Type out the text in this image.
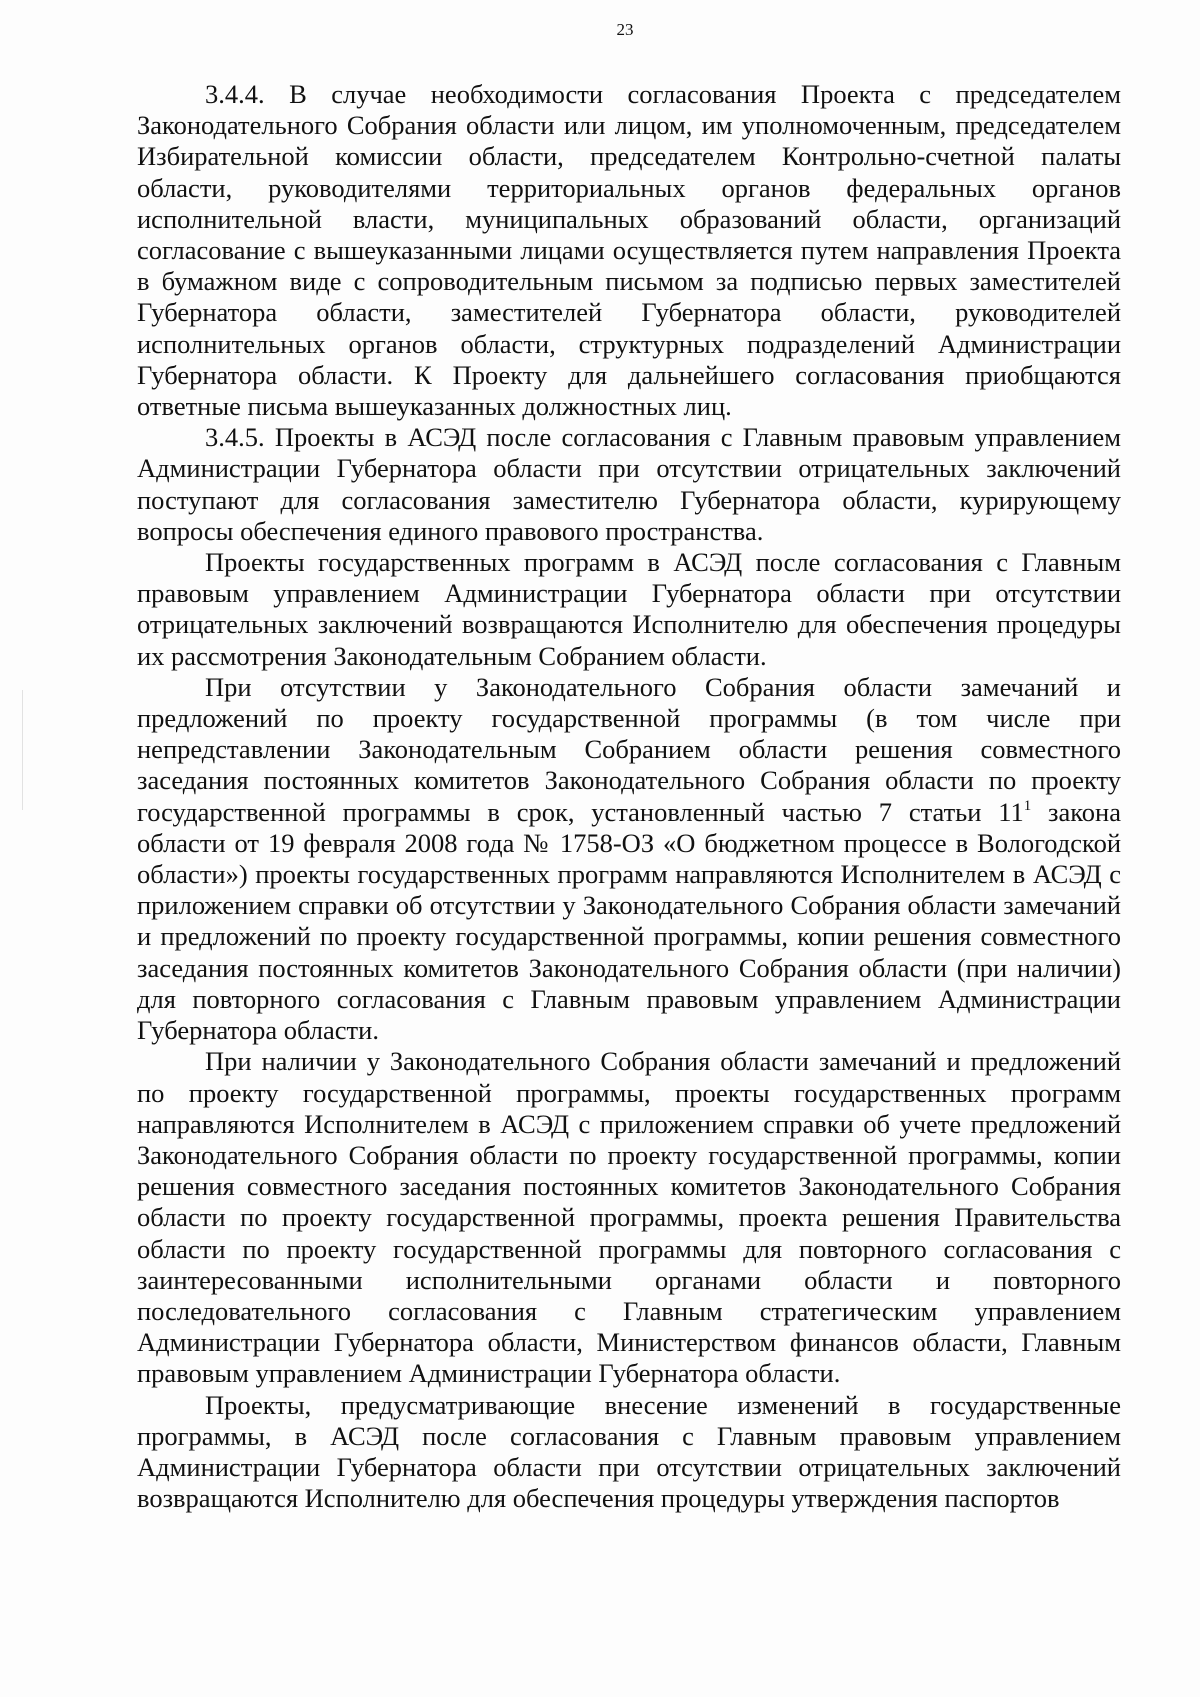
23

3.4.4. В случае необходимости согласования Проекта с председателем Законодательного Собрания области или лицом, им уполномоченным, председателем Избирательной комиссии области, председателем Контрольно-счетной палаты области, руководителями территориальных органов федеральных органов исполнительной власти, муниципальных образований области, организаций согласование с вышеуказанными лицами осуществляется путем направления Проекта в бумажном виде с сопроводительным письмом за подписью первых заместителей Губернатора области, заместителей Губернатора области, руководителей исполнительных органов области, структурных подразделений Администрации Губернатора области. К Проекту для дальнейшего согласования приобщаются ответные письма вышеуказанных должностных лиц.

3.4.5. Проекты в АСЭД после согласования с Главным правовым управлением Администрации Губернатора области при отсутствии отрицательных заключений поступают для согласования заместителю Губернатора области, курирующему вопросы обеспечения единого правового пространства.

Проекты государственных программ в АСЭД после согласования с Главным правовым управлением Администрации Губернатора области при отсутствии отрицательных заключений возвращаются Исполнителю для обеспечения процедуры их рассмотрения Законодательным Собранием области.

При отсутствии у Законодательного Собрания области замечаний и предложений по проекту государственной программы (в том числе при непредставлении Законодательным Собранием области решения совместного заседания постоянных комитетов Законодательного Собрания области по проекту государственной программы в срок, установленный частью 7 статьи $11^1$ закона области от 19 февраля 2008 года № 1758-ОЗ «О бюджетном процессе в Вологодской области») проекты государственных программ направляются Исполнителем в АСЭД с приложением справки об отсутствии у Законодательного Собрания области замечаний и предложений по проекту государственной программы, копии решения совместного заседания постоянных комитетов Законодательного Собрания области (при наличии) для повторного согласования с Главным правовым управлением Администрации Губернатора области.

При наличии у Законодательного Собрания области замечаний и предложений по проекту государственной программы, проекты государственных программ направляются Исполнителем в АСЭД с приложением справки об учете предложений Законодательного Собрания области по проекту государственной программы, копии решения совместного заседания постоянных комитетов Законодательного Собрания области по проекту государственной программы, проекта решения Правительства области по проекту государственной программы для повторного согласования с заинтересованными исполнительными органами области и повторного последовательного согласования с Главным стратегическим управлением Администрации Губернатора области, Министерством финансов области, Главным правовым управлением Администрации Губернатора области.

Проекты, предусматривающие внесение изменений в государственные программы, в АСЭД после согласования с Главным правовым управлением Администрации Губернатора области при отсутствии отрицательных заключений возвращаются Исполнителю для обеспечения процедуры утверждения паспортов
